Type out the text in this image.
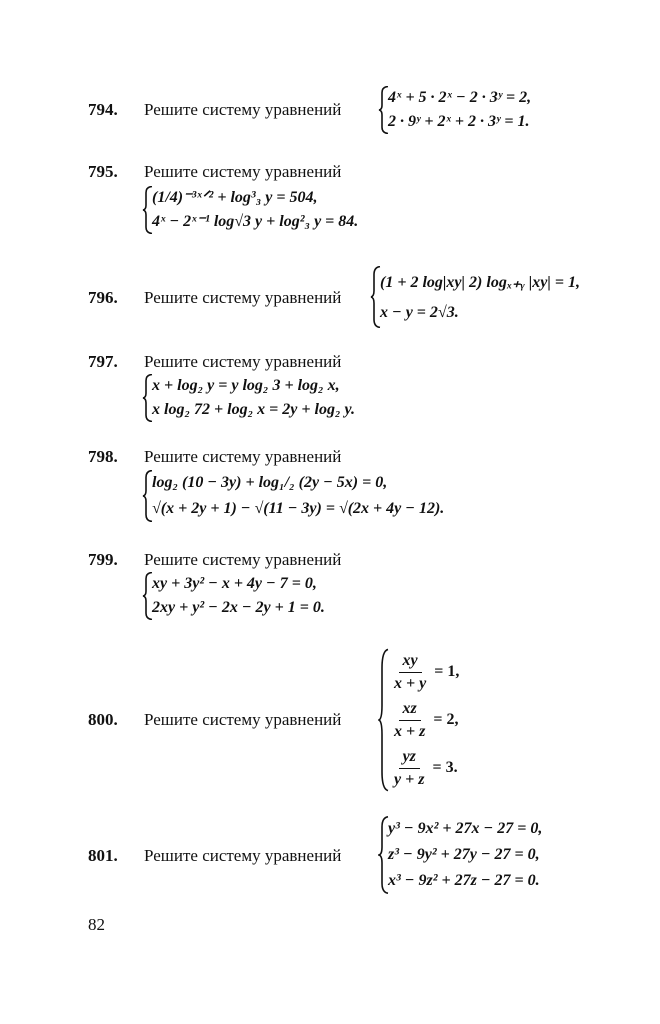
794. Решите систему уравнений
4ˣ + 5 · 2ˣ − 2 · 3ʸ = 2,
2 · 9ʸ + 2ˣ + 2 · 3ʸ = 1.
795. Решите систему уравнений
(1/4)⁻³ˣᐟ² + log³₃ y = 504,
4ˣ − 2ˣ⁻¹ log√3 y + log²₃ y = 84.
796. Решите систему уравнений
(1 + 2 log|xy| 2) logₓ₊ᵧ |xy| = 1,
x − y = 2√3.
797. Решите систему уравнений
x + log₂ y = y log₂ 3 + log₂ x,
x log₂ 72 + log₂ x = 2y + log₂ y.
798. Решите систему уравнений
log₂ (10 − 3y) + log₁/₂ (2y − 5x) = 0,
√(x + 2y + 1) − √(11 − 3y) = √(2x + 4y − 12).
799. Решите систему уравнений
xy + 3y² − x + 4y − 7 = 0,
2xy + y² − 2x − 2y + 1 = 0.
800. Решите систему уравнений
$\frac{xy}{x + y} = 1$,
$\frac{xz}{x + z} = 2$,
$\frac{yz}{y + z} = 3$.
801. Решите систему уравнений
y³ − 9x² + 27x − 27 = 0,
z³ − 9y² + 27y − 27 = 0,
x³ − 9z² + 27z − 27 = 0.
82
